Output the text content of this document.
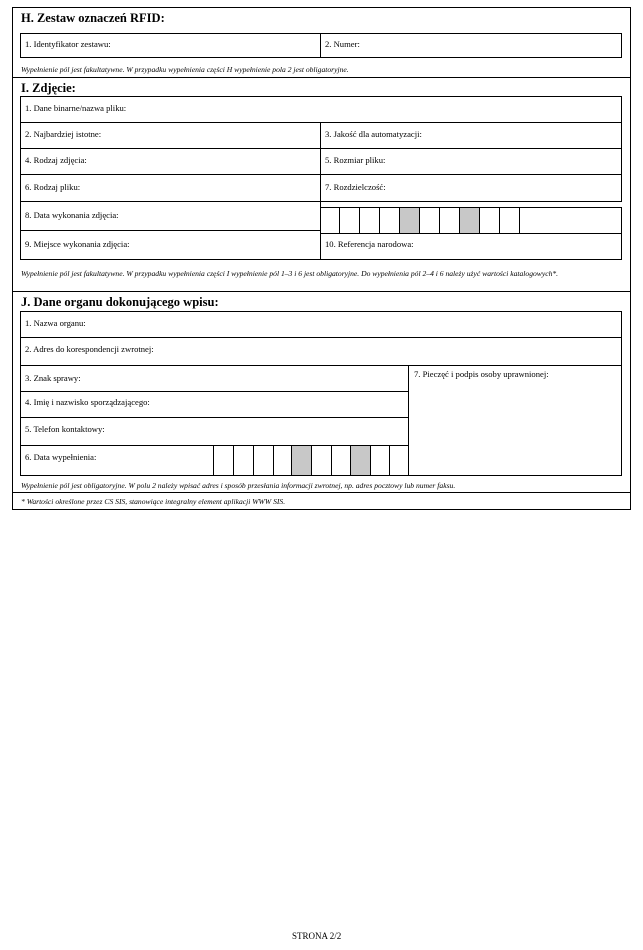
H. Zestaw oznaczeń RFID:
1. Identyfikator zestawu:	2. Numer:
Wypełnienie pól jest fakultatywne. W przypadku wypełnienia części H wypełnienie pola 2 jest obligatoryjne.
I. Zdjęcie:
1. Dane binarne/nazwa pliku:
2. Najbardziej istotne:	3. Jakość dla automatyzacji:
4. Rodzaj zdjęcia:	5. Rozmiar pliku:
6. Rodzaj pliku:	7. Rozdzielczość:
8. Data wykonania zdjęcia:
9. Miejsce wykonania zdjęcia:	10. Referencja narodowa:
Wypełnienie pól jest fakultatywne. W przypadku wypełnienia części I wypełnienie pól 1–3 i 6 jest obligatoryjne. Do wypełnienia pól 2–4 i 6 należy użyć wartości katalogowych*.
J. Dane organu dokonującego wpisu:
1. Nazwa organu:
2. Adres do korespondencji zwrotnej:
3. Znak sprawy:
4. Imię i nazwisko sporządzającego:
5. Telefon kontaktowy:
6. Data wypełnienia:
7. Pieczęć i podpis osoby uprawnionej:
Wypełnienie pól jest obligatoryjne. W polu 2 należy wpisać adres i sposób przesłania informacji zwrotnej, np. adres pocztowy lub numer faksu.
* Wartości określone przez CS SIS, stanowiące integralny element aplikacji WWW SIS.
STRONA 2/2
